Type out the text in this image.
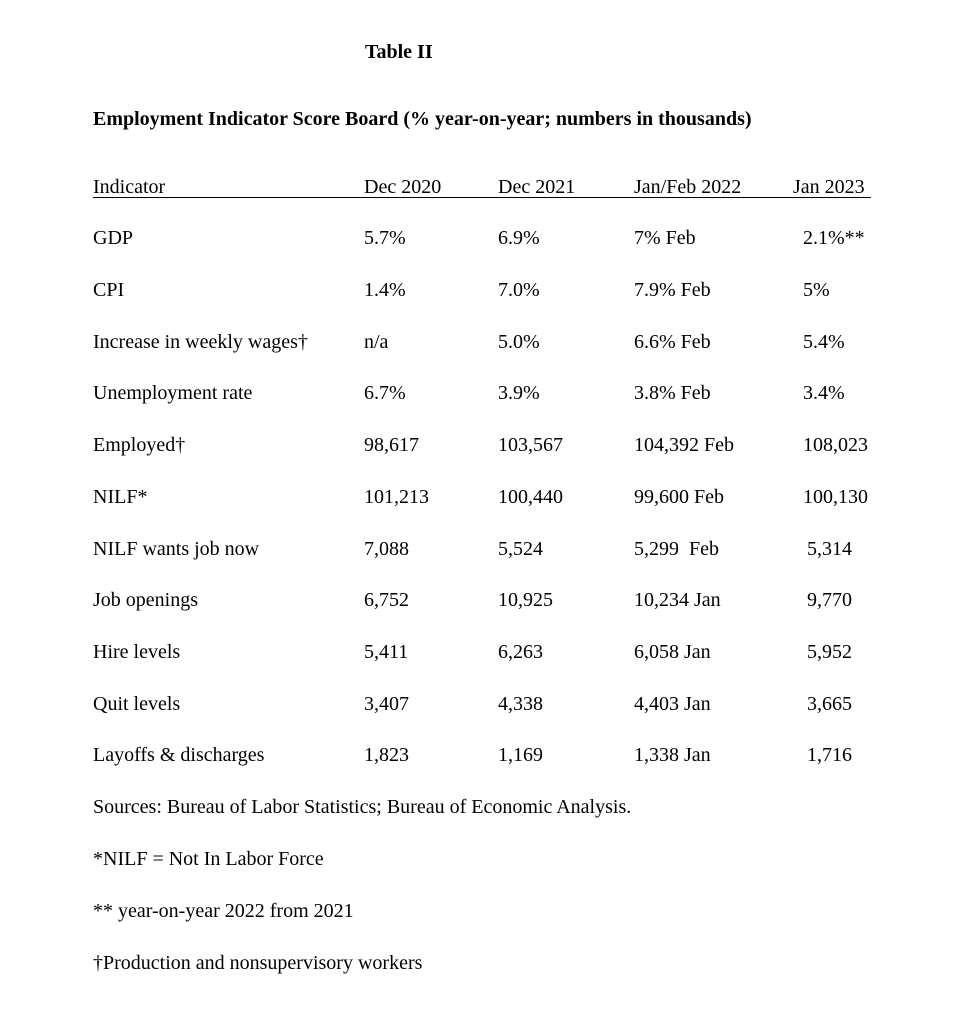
Table II
Employment Indicator Score Board (% year-on-year; numbers in thousands)
Indicator	Dec 2020	Dec 2021	Jan/Feb 2022	Jan 2023
GDP	5.7%	6.9%	7% Feb	2.1%**
CPI	1.4%	7.0%	7.9% Feb	5%
Increase in weekly wages†	n/a	5.0%	6.6% Feb	5.4%
Unemployment rate	6.7%	3.9%	3.8% Feb	3.4%
Employed†	98,617	103,567	104,392 Feb	108,023
NILF*	101,213	100,440	99,600 Feb	100,130
NILF wants job now	7,088	5,524	5,299  Feb	5,314
Job openings	6,752	10,925	10,234 Jan	9,770
Hire levels	5,411	6,263	6,058 Jan	5,952
Quit levels	3,407	4,338	4,403 Jan	3,665
Layoffs & discharges	1,823	1,169	1,338 Jan	1,716
Sources: Bureau of Labor Statistics; Bureau of Economic Analysis.
*NILF = Not In Labor Force
** year-on-year 2022 from 2021
†Production and nonsupervisory workers
